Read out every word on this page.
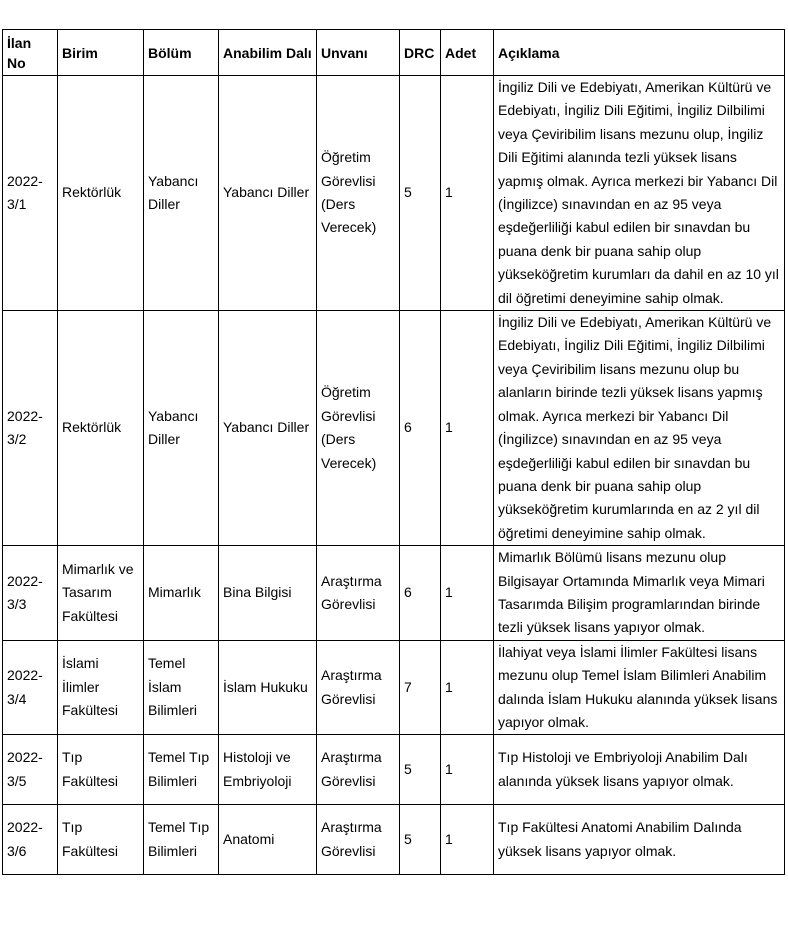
İlan No	Birim	Bölüm	Anabilim Dalı	Unvanı	DRC	Adet	Açıklama
2022-3/1	Rektörlük	Yabancı Diller	Yabancı Diller	Öğretim Görevlisi (Ders Verecek)	5	1	İngiliz Dili ve Edebiyatı, Amerikan Kültürü ve Edebiyatı, İngiliz Dili Eğitimi, İngiliz Dilbilimi veya Çeviribilim lisans mezunu olup, İngiliz Dili Eğitimi alanında tezli yüksek lisans yapmış olmak. Ayrıca merkezi bir Yabancı Dil (İngilizce) sınavından en az 95 veya eşdeğerliliği kabul edilen bir sınavdan bu puana denk bir puana sahip olup yükseköğretim kurumları da dahil en az 10 yıl dil öğretimi deneyimine sahip olmak.
2022-3/2	Rektörlük	Yabancı Diller	Yabancı Diller	Öğretim Görevlisi (Ders Verecek)	6	1	İngiliz Dili ve Edebiyatı, Amerikan Kültürü ve Edebiyatı, İngiliz Dili Eğitimi, İngiliz Dilbilimi veya Çeviribilim lisans mezunu olup bu alanların birinde tezli yüksek lisans yapmış olmak. Ayrıca merkezi bir Yabancı Dil (İngilizce) sınavından en az 95 veya eşdeğerliliği kabul edilen bir sınavdan bu puana denk bir puana sahip olup yükseköğretim kurumlarında en az 2 yıl dil öğretimi deneyimine sahip olmak.
2022-3/3	Mimarlık ve Tasarım Fakültesi	Mimarlık	Bina Bilgisi	Araştırma Görevlisi	6	1	Mimarlık Bölümü lisans mezunu olup Bilgisayar Ortamında Mimarlık veya Mimari Tasarımda Bilişim programlarından birinde tezli yüksek lisans yapıyor olmak.
2022-3/4	İslami İlimler Fakültesi	Temel İslam Bilimleri	İslam Hukuku	Araştırma Görevlisi	7	1	İlahiyat veya İslami İlimler Fakültesi lisans mezunu olup Temel İslam Bilimleri Anabilim dalında İslam Hukuku alanında yüksek lisans yapıyor olmak.
2022-3/5	Tıp Fakültesi	Temel Tıp Bilimleri	Histoloji ve Embriyoloji	Araştırma Görevlisi	5	1	Tıp Histoloji ve Embriyoloji Anabilim Dalı alanında yüksek lisans yapıyor olmak.
2022-3/6	Tıp Fakültesi	Temel Tıp Bilimleri	Anatomi	Araştırma Görevlisi	5	1	Tıp Fakültesi Anatomi Anabilim Dalında yüksek lisans yapıyor olmak.
